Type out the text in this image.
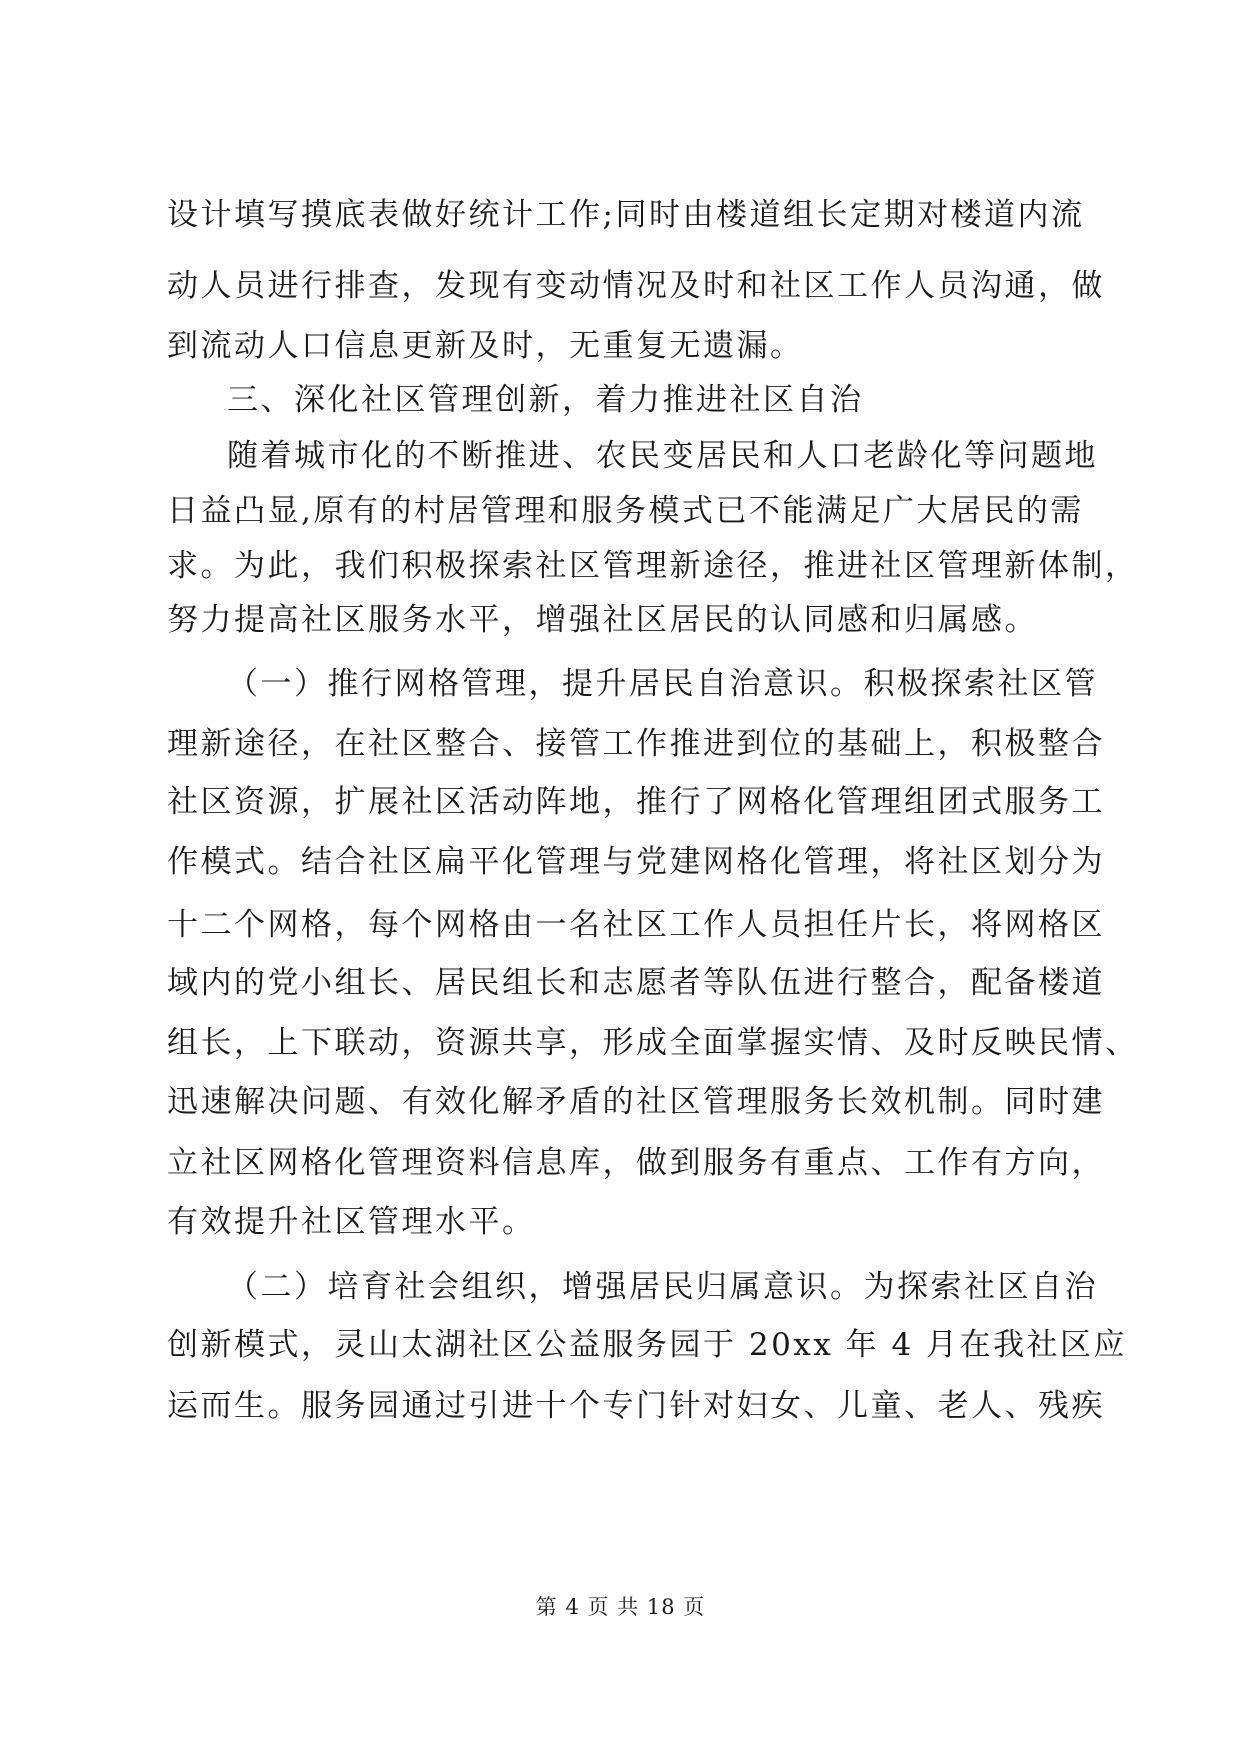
设计填写摸底表做好统计工作;同时由楼道组长定期对楼道内流
动人员进行排查，发现有变动情况及时和社区工作人员沟通，做
到流动人口信息更新及时，无重复无遗漏。
三、深化社区管理创新，着力推进社区自治
随着城市化的不断推进、农民变居民和人口老龄化等问题地
日益凸显,原有的村居管理和服务模式已不能满足广大居民的需
求。为此，我们积极探索社区管理新途径，推进社区管理新体制，
努力提高社区服务水平，增强社区居民的认同感和归属感。
（一）推行网格管理，提升居民自治意识。积极探索社区管
理新途径，在社区整合、接管工作推进到位的基础上，积极整合
社区资源，扩展社区活动阵地，推行了网格化管理组团式服务工
作模式。结合社区扁平化管理与党建网格化管理，将社区划分为
十二个网格，每个网格由一名社区工作人员担任片长，将网格区
域内的党小组长、居民组长和志愿者等队伍进行整合，配备楼道
组长，上下联动，资源共享，形成全面掌握实情、及时反映民情、
迅速解决问题、有效化解矛盾的社区管理服务长效机制。同时建
立社区网格化管理资料信息库，做到服务有重点、工作有方向，
有效提升社区管理水平。
（二）培育社会组织，增强居民归属意识。为探索社区自治
创新模式，灵山太湖社区公益服务园于 20xx 年 4 月在我社区应
运而生。服务园通过引进十个专门针对妇女、儿童、老人、残疾
第 4 页 共 18 页
